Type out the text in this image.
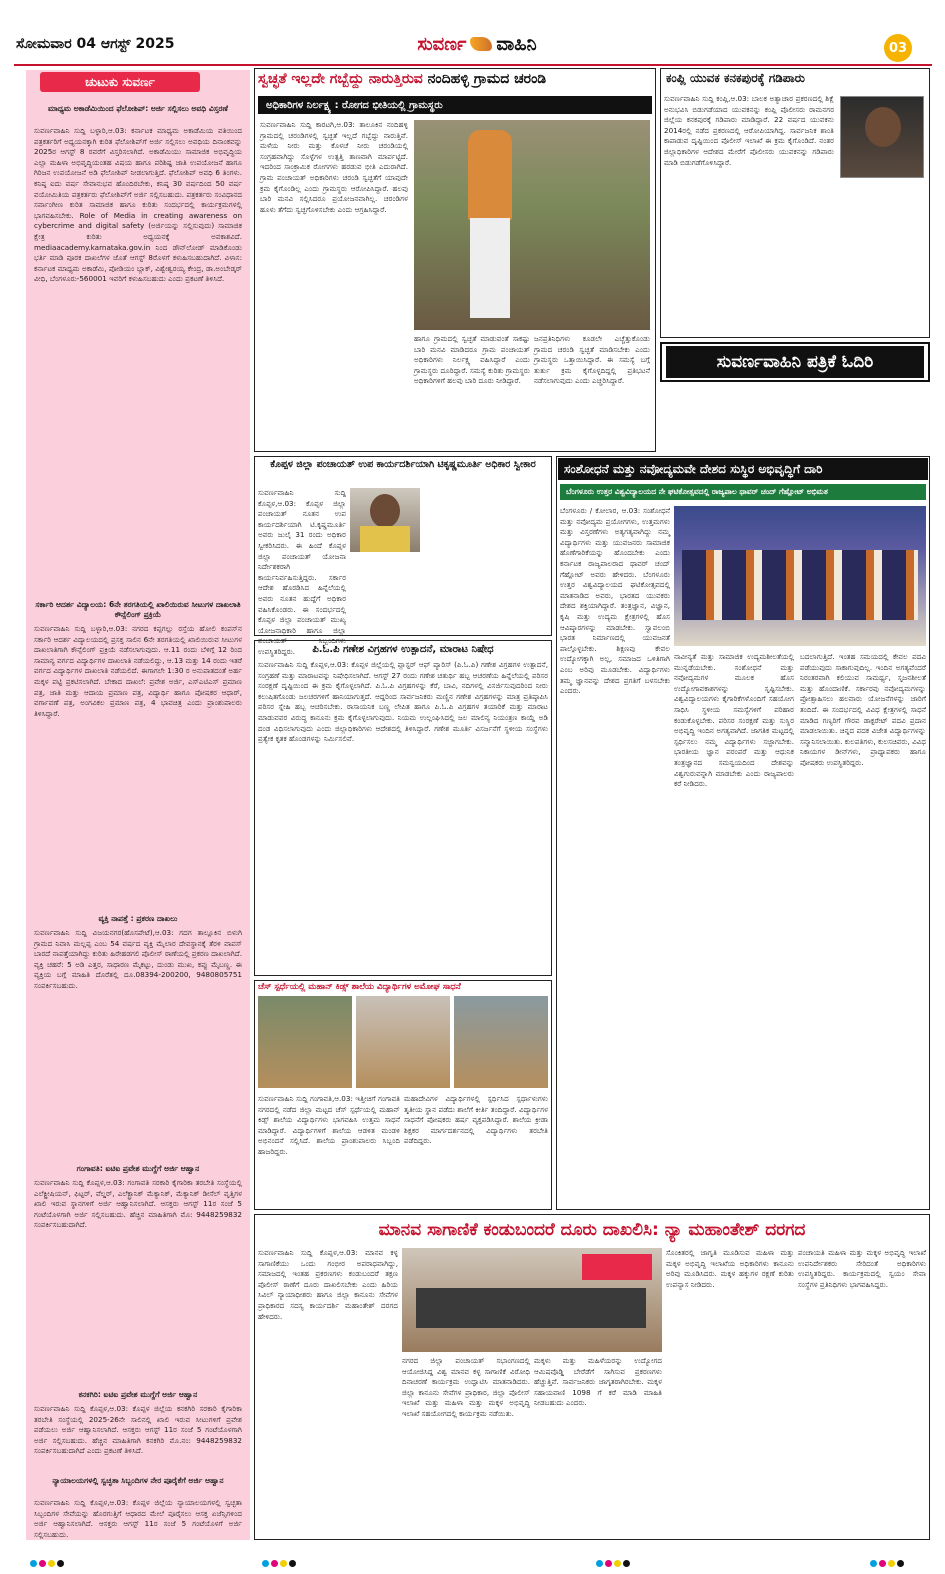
ಸೋಮವಾರ 04 ಆಗಸ್ಟ್ 2025	ಸುವರ್ಣ ವಾಹಿನಿ	03
ಚುಟುಕು ಸುವರ್ಣ
ಮಾಧ್ಯಮ ಅಕಾಡೆಮಿಯಿಂದ ಫೆಲೋಶಿಪ್: ಅರ್ಜಿ ಸಲ್ಲಿಸಲು ಅವಧಿ ವಿಸ್ತರಣೆ
ಸುವರ್ಣವಾಹಿನಿ ಸುದ್ದಿ ಬಳ್ಳಾರಿ,ಆ.03: ಕರ್ನಾಟಕ ಮಾಧ್ಯಮ ಅಕಾಡೆಮಿಯ ವತಿಯಿಂದ ಪತ್ರಕರ್ತರಿಗೆ ಅಧ್ಯಯನಕ್ಕಾಗಿ ಕುರಿತ ಫೆಲೋಶಿಪ್‌ಗೆ ಅರ್ಜಿ ಸಲ್ಲಿಸಲು ಅವಧಿಯ ದಿನಾಂಕವನ್ನು 2025ರ ಆಗಸ್ಟ್ 8 ರವರೆಗೆ ವಿಸ್ತರಿಸಲಾಗಿದೆ. ಅಕಾಡೆಮಿಯು ಸಾಮಾಜಿಕ ಅಭಿವೃದ್ಧಿಯ ಎಲ್ಲಾ ಮಹಿಳಾ ಅಭಿವೃದ್ಧಿಯಂತಹ ವಿಷಯ ಹಾಗೂ ಪರಿಶಿಷ್ಟ ಜಾತಿ ಉಪಯೋಜನೆ ಹಾಗೂ ಗಿರಿಜನ ಉಪಯೋಜನೆ ಅಡಿ ಫೆಲೋಶಿಪ್ ನೀಡಲಾಗುತ್ತಿದೆ. ಫೆಲೋಶಿಪ್ ಅವಧಿ 6 ತಿಂಗಳು. ಕನಿಷ್ಠ ಐದು ವರ್ಷ ಸೇವಾನುಭವ ಹೊಂದಿರಬೇಕು, ಕನಿಷ್ಠ 30 ವರ್ಷದಿಂದ 50 ವರ್ಷ ವಯೋಮಿತಿಯ ಪತ್ರಕರ್ತರು ಫೆಲೋಶಿಪ್‌ಗೆ ಅರ್ಜಿ ಸಲ್ಲಿಸಬಹುದು. ಪತ್ರಕರ್ತರು ಸಂವಿಧಾನದ ಸರ್ವಾಂಗೀಣ ಕುರಿತ ಸಾಮಾಜಿಕ ಹಾಗೂ ಕುರಿತು ಸಂದರ್ಭದಲ್ಲಿ ಕಾರ್ಯಕ್ರಮಗಳಲ್ಲಿ ಭಾಗವಹಿಸಬೇಕು. Role of Media in creating awareness on cybercrime and digital safety (ಅರ್ಜಿಯನ್ನು ಸಲ್ಲಿಸುವುದು) ಸಾಮಾಜಿಕ ಕ್ಷೇತ್ರ ಕುರಿತು ಅಧ್ಯಯನಕ್ಕೆ ಅವಕಾಶವಿದೆ. mediaacademy.karnataka.gov.in ನಿಂದ ಡೌನ್‌ಲೋಡ್ ಮಾಡಿಕೊಂಡು ಭರ್ತಿ ಮಾಡಿ ಪೂರಕ ದಾಖಲೆಗಳ ಜೊತೆ ಆಗಸ್ಟ್ 8ರೊಳಗೆ ಕಳುಹಿಸಬಹುದಾಗಿದೆ. ವಿಳಾಸ: ಕರ್ನಾಟಕ ಮಾಧ್ಯಮ ಅಕಾಡೆಮಿ, ಪೋಡಿಯಂ ಬ್ಲಾಕ್, ವಿಶ್ವೇಶ್ವರಯ್ಯ ಕೇಂದ್ರ, ಡಾ.ಅಂಬೇಡ್ಕರ್ ವೀಧಿ, ಬೆಂಗಳೂರು-560001 ಇವರಿಗೆ ಕಳುಹಿಸಬಹುದು ಎಂದು ಪ್ರಕಟಣೆ ತಿಳಿಸಿದೆ.
ಸರ್ಕಾರಿ ಆದರ್ಶ ವಿದ್ಯಾಲಯ: 6ನೇ ತರಗತಿಯಲ್ಲಿ ಖಾಲಿಯಿರುವ ಸೀಟುಗಳ ದಾಖಲಾತಿ ಕೌನ್ಸೆಲಿಂಗ್ ಪ್ರಕ್ರಿಯೆ
ಸುವರ್ಣವಾಹಿನಿ ಸುದ್ದಿ ಬಳ್ಳಾರಿ,ಆ.03: ನಗರದ ಕಪ್ಪಗಲ್ಲು ರಸ್ತೆಯ ಹೋಲಿ ಕಂಪಸ್‌ನ ಸರ್ಕಾರಿ ಆದರ್ಶ ವಿದ್ಯಾಲಯದಲ್ಲಿ ಪ್ರಸಕ್ತ ಸಾಲಿನ 6ನೇ ತರಗತಿಯಲ್ಲಿ ಖಾಲಿಯಿರುವ ಸೀಟುಗಳ ದಾಖಲಾತಿಗಾಗಿ ಕೌನ್ಸೆಲಿಂಗ್ ಪ್ರಕ್ರಿಯೆ ನಡೆಸಲಾಗುವುದು. ಆ.11 ರಂದು ಬೆಳಿಗ್ಗೆ 12 ರಿಂದ ಸಾಮಾನ್ಯ ವರ್ಗದ ವಿದ್ಯಾರ್ಥಿಗಳ ದಾಖಲಾತಿ ನಡೆಯಲಿದ್ದು, ಆ.13 ಮತ್ತು 14 ರಂದು ಇತರೆ ವರ್ಗದ ವಿದ್ಯಾರ್ಥಿಗಳ ದಾಖಲಾತಿ ನಡೆಯಲಿದೆ. ಈಗಾಗಲೇ 1:30 ರ ಅನುಪಾತದಂತೆ ಅರ್ಹ ಮಕ್ಕಳ ಪಟ್ಟಿ ಪ್ರಕಟಿಸಲಾಗಿದೆ. ಬೇಕಾದ ದಾಖಲೆ: ಪ್ರವೇಶ ಅರ್ಜಿ, ಎಸ್‌ಎಟಿಎಸ್ ಪ್ರಮಾಣ ಪತ್ರ, ಜಾತಿ ಮತ್ತು ಆದಾಯ ಪ್ರಮಾಣ ಪತ್ರ, ವಿದ್ಯಾರ್ಥಿ ಹಾಗೂ ಪೋಷಕರ ಆಧಾರ್, ವರ್ಗಾವಣೆ ಪತ್ರ, ಅಂಗವಿಕಲ ಪ್ರಮಾಣ ಪತ್ರ, 4 ಭಾವಚಿತ್ರ ಎಂದು ಪ್ರಾಂಶುಪಾಲರು ತಿಳಿಸಿದ್ದಾರೆ.
ವ್ಯಕ್ತಿ ನಾಪತ್ತೆ : ಪ್ರಕರಣ ದಾಖಲು
ಸುವರ್ಣವಾಹಿನಿ ಸುದ್ದಿ ವಿಜಯನಗರ(ಹೊಸಪೇಟೆ),ಆ.03: ಗದಗ ತಾಲ್ಲೂಕಿನ ಬಿಳುಗಿ ಗ್ರಾಮದ ನಿವಾಸಿ ಮಲ್ಲಪ್ಪ ಎಂಬ 54 ವರ್ಷದ ವ್ಯಕ್ತಿ ಮೈಲಾರ ದೇವಸ್ಥಾನಕ್ಕೆ ತೆರಳಿ ವಾಪಸ್ ಬಾರದೆ ನಾಪತ್ತೆಯಾಗಿದ್ದು ಕುರಿತು ಹಿರೇಹಡಗಲಿ ಪೊಲೀಸ್ ಠಾಣೆಯಲ್ಲಿ ಪ್ರಕರಣ ದಾಖಲಾಗಿದೆ. ವ್ಯಕ್ತಿ ಚಹರೆ: 5 ಅಡಿ ಎತ್ತರ, ಸಾಧಾರಣ ಮೈಕಟ್ಟು, ದುಂಡು ಮುಖ, ಕಪ್ಪು ಮೈಬಣ್ಣ. ಈ ವ್ಯಕ್ತಿಯ ಬಗ್ಗೆ ಮಾಹಿತಿ ದೊರೆತಲ್ಲಿ ದೂ.08394-200200, 9480805751 ಸಂಪರ್ಕಿಸಬಹುದು.
ಗಂಗಾವತಿ: ಐಟಿಐ ಪ್ರವೇಶ ಮುಗ್ದೆಗೆ ಅರ್ಜಿ ಆಹ್ವಾನ
ಸುವರ್ಣವಾಹಿನಿ ಸುದ್ದಿ ಕೊಪ್ಪಳ,ಆ.03: ಗಂಗಾವತಿ ಸರಕಾರಿ ಕೈಗಾರಿಕಾ ತರಬೇತಿ ಸಂಸ್ಥೆಯಲ್ಲಿ ಎಲೆಕ್ಟ್ರೀಷಿಯನ್, ಫಿಟ್ಟರ್, ವೆಲ್ಡರ್, ಎಲೆಕ್ಟ್ರಾನಿಕ್ ಮೆಕ್ಯಾನಿಕ್, ಮೆಕ್ಯಾನಿಕ್ ಡೀಸೆಲ್ ವೃತ್ತಿಗಳ ಖಾಲಿ ಇರುವ ಸ್ಥಾನಗಳಿಗೆ ಅರ್ಜಿ ಆಹ್ವಾನಿಸಲಾಗಿದೆ. ಆಸಕ್ತರು ಆಗಸ್ಟ್ 11ರ ಸಂಜೆ 5 ಗಂಟೆಯೊಳಗಾಗಿ ಅರ್ಜಿ ಸಲ್ಲಿಸಬಹುದು. ಹೆಚ್ಚಿನ ಮಾಹಿತಿಗಾಗಿ ಮೊ: 9448259832 ಸಂಪರ್ಕಿಸಬಹುದಾಗಿದೆ.
ಕನಕಗಿರಿ: ಐಟಿಐ ಪ್ರವೇಶ ಮುಗ್ದೆಗೆ ಅರ್ಜಿ ಆಹ್ವಾನ
ಸುವರ್ಣವಾಹಿನಿ ಸುದ್ದಿ ಕೊಪ್ಪಳ,ಆ.03: ಕೊಪ್ಪಳ ಜಿಲ್ಲೆಯ ಕನಕಗಿರಿ ಸರಕಾರಿ ಕೈಗಾರಿಕಾ ತರಬೇತಿ ಸಂಸ್ಥೆಯಲ್ಲಿ 2025-26ನೇ ಸಾಲಿನಲ್ಲಿ ಖಾಲಿ ಇರುವ ಸೀಟುಗಳಿಗೆ ಪ್ರವೇಶ ಪಡೆಯಲು ಅರ್ಜಿ ಆಹ್ವಾನಿಸಲಾಗಿದೆ. ಆಸಕ್ತರು ಆಗಸ್ಟ್ 11ರ ಸಂಜೆ 5 ಗಂಟೆಯೊಳಗಾಗಿ ಅರ್ಜಿ ಸಲ್ಲಿಸಬಹುದು. ಹೆಚ್ಚಿನ ಮಾಹಿತಿಗಾಗಿ ಕನಕಗಿರಿ ಮೊ.ನಂ: 9448259832 ಸಂಪರ್ಕಿಸಬಹುದಾಗಿದೆ ಎಂದು ಪ್ರಕಟಣೆ ತಿಳಿಸಿದೆ.
ನ್ಯಾಯಾಲಯಗಳಲ್ಲಿ ಸ್ವಚ್ಛತಾ ಸಿಬ್ಬಂದಿಗಳ ನೇರ ಪೂರೈಕೆಗೆ ಅರ್ಜಿ ಆಹ್ವಾನ
ಸುವರ್ಣವಾಹಿನಿ ಸುದ್ದಿ ಕೊಪ್ಪಳ,ಆ.03: ಕೊಪ್ಪಳ ಜಿಲ್ಲೆಯ ನ್ಯಾಯಾಲಯಗಳಲ್ಲಿ ಸ್ವಚ್ಛತಾ ಸಿಬ್ಬಂದಿಗಳ ಸೇವೆಯನ್ನು ಹೊರಗುತ್ತಿಗೆ ಆಧಾರದ ಮೇಲೆ ಪೂರೈಸಲು ಆಸಕ್ತ ಏಜೆನ್ಸಿಗಳಿಂದ ಅರ್ಜಿ ಆಹ್ವಾನಿಸಲಾಗಿದೆ. ಆಸಕ್ತರು ಆಗಸ್ಟ್ 11ರ ಸಂಜೆ 5 ಗಂಟೆಯೊಳಗೆ ಅರ್ಜಿ ಸಲ್ಲಿಸಬಹುದು.
ಸ್ವಚ್ಛತೆ ಇಲ್ಲದೇ ಗಬ್ಬೆದ್ದು ನಾರುತ್ತಿರುವ ನಂದಿಹಳ್ಳಿ ಗ್ರಾಮದ ಚರಂಡಿ
ಅಧಿಕಾರಿಗಳ ನಿರ್ಲಕ್ಷ್ಯ : ರೋಗದ ಭೀತಿಯಲ್ಲಿ ಗ್ರಾಮಸ್ಥರು
ಸುವರ್ಣವಾಹಿನಿ ಸುದ್ದಿ ಕಾರಟಗಿ,ಆ.03: ತಾಲೂಕಿನ ನಂದಿಹಳ್ಳಿ ಗ್ರಾಮದಲ್ಲಿ ಚರಂಡಿಗಳಲ್ಲಿ ಸ್ವಚ್ಛತೆ ಇಲ್ಲದೆ ಗಬ್ಬೆದ್ದು ನಾರುತ್ತಿವೆ. ಮಳೆಯ ನೀರು ಮತ್ತು ಕೊಳಚೆ ನೀರು ಚರಂಡಿಯಲ್ಲಿ ಸಂಗ್ರಹವಾಗಿದ್ದು ಸೊಳ್ಳೆಗಳ ಉತ್ಪತ್ತಿ ತಾಣವಾಗಿ ಮಾರ್ಪಟ್ಟಿದೆ. ಇದರಿಂದ ಸಾಂಕ್ರಾಮಿಕ ರೋಗಗಳು ಹರಡುವ ಭೀತಿ ಎದುರಾಗಿದೆ. ಗ್ರಾಮ ಪಂಚಾಯತ್ ಅಧಿಕಾರಿಗಳು ಚರಂಡಿ ಸ್ವಚ್ಛತೆಗೆ ಯಾವುದೇ ಕ್ರಮ ಕೈಗೊಂಡಿಲ್ಲ ಎಂದು ಗ್ರಾಮಸ್ಥರು ಆರೋಪಿಸಿದ್ದಾರೆ. ಹಲವು ಬಾರಿ ಮನವಿ ಸಲ್ಲಿಸಿದರೂ ಪ್ರಯೋಜನವಾಗಿಲ್ಲ. ಚರಂಡಿಗಳ ಹೂಳು ತೆಗೆದು ಸ್ವಚ್ಛಗೊಳಿಸಬೇಕು ಎಂದು ಆಗ್ರಹಿಸಿದ್ದಾರೆ.
ಹಾಗೂ ಗ್ರಾಮದಲ್ಲಿ ಸ್ವಚ್ಛತೆ ಮಾಡುವಂತೆ ಸಾಕಷ್ಟು ಬಾರಿ ಮನವಿ ಮಾಡಿದರೂ ಗ್ರಾಮ ಪಂಚಾಯತ್ ಅಧಿಕಾರಿಗಳು ನಿರ್ಲಕ್ಷ್ಯ ವಹಿಸಿದ್ದಾರೆ ಎಂದು ಗ್ರಾಮಸ್ಥರು ದೂರಿದ್ದಾರೆ. ಸಮಸ್ಯೆ ಕುರಿತು ಗ್ರಾಮಸ್ಥರು ಅಧಿಕಾರಿಗಳಿಗೆ ಹಲವು ಬಾರಿ ದೂರು ನೀಡಿದ್ದಾರೆ.
ಜನಪ್ರತಿನಿಧಿಗಳು ಕೂಡಲೇ ಎಚ್ಚೆತ್ತುಕೊಂಡು ಗ್ರಾಮದ ಚರಂಡಿ ಸ್ವಚ್ಛತೆ ಮಾಡಿಸಬೇಕು ಎಂದು ಗ್ರಾಮಸ್ಥರು ಒತ್ತಾಯಿಸಿದ್ದಾರೆ. ಈ ಸಮಸ್ಯೆ ಬಗ್ಗೆ ತುರ್ತು ಕ್ರಮ ಕೈಗೊಳ್ಳದಿದ್ದಲ್ಲಿ ಪ್ರತಿಭಟನೆ ನಡೆಸಲಾಗುವುದು ಎಂದು ಎಚ್ಚರಿಸಿದ್ದಾರೆ.
ಕಂಪ್ಲಿ ಯುವಕ ಕನಕಪುರಕ್ಕೆ ಗಡಿಪಾರು
ಸುವರ್ಣವಾಹಿನಿ ಸುದ್ದಿ ಕಂಪ್ಲಿ,ಆ.03: ಬಾಲಕ ಅತ್ಯಾಚಾರ ಪ್ರಕರಣದಲ್ಲಿ ಶಿಕ್ಷೆ ಅನುಭವಿಸಿ ಬಿಡುಗಡೆಯಾದ ಯುವಕನನ್ನು ಕಂಪ್ಲಿ ಪೊಲೀಸರು ರಾಮನಗರ ಜಿಲ್ಲೆಯ ಕನಕಪುರಕ್ಕೆ ಗಡಿಪಾರು ಮಾಡಿದ್ದಾರೆ. 22 ವರ್ಷದ ಯುವಕನು 2014ರಲ್ಲಿ ನಡೆದ ಪ್ರಕರಣದಲ್ಲಿ ಆರೋಪಿಯಾಗಿದ್ದ. ಸಾರ್ವಜನಿಕ ಶಾಂತಿ ಕಾಪಾಡುವ ದೃಷ್ಟಿಯಿಂದ ಪೊಲೀಸ್ ಇಲಾಖೆ ಈ ಕ್ರಮ ಕೈಗೊಂಡಿದೆ. ನಂತರ ಜಿಲ್ಲಾಧಿಕಾರಿಗಳ ಆದೇಶದ ಮೇರೆಗೆ ಪೊಲೀಸರು ಯುವಕನನ್ನು ಗಡಿಪಾರು ಮಾಡಿ ಬಿಡುಗಡೆಗೊಳಿಸಿದ್ದಾರೆ.
ಸುವರ್ಣವಾಹಿನಿ ಪತ್ರಿಕೆ ಓದಿರಿ
ಕೊಪ್ಪಳ ಜಿಲ್ಲಾ ಪಂಚಾಯತ್ ಉಪ ಕಾರ್ಯದರ್ಶಿಯಾಗಿ ಟಿಕೃಷ್ಣಮೂರ್ತಿ ಅಧಿಕಾರ ಸ್ವೀಕಾರ
ಸುವರ್ಣವಾಹಿನಿ ಸುದ್ದಿ ಕೊಪ್ಪಳ,ಆ.03: ಕೊಪ್ಪಳ ಜಿಲ್ಲಾ ಪಂಚಾಯತ್ ನೂತನ ಉಪ ಕಾರ್ಯದರ್ಶಿಯಾಗಿ ಟಿ.ಕೃಷ್ಣಮೂರ್ತಿ ಅವರು ಜುಲೈ 31 ರಂದು ಅಧಿಕಾರ ಸ್ವೀಕರಿಸಿದರು. ಈ ಹಿಂದೆ ಕೊಪ್ಪಳ ಜಿಲ್ಲಾ ಪಂಚಾಯತ್ ಯೋಜನಾ ನಿರ್ದೇಶಕರಾಗಿ ಕಾರ್ಯನಿರ್ವಹಿಸುತ್ತಿದ್ದರು. ಸರ್ಕಾರ ಆದೇಶ ಹೊರಡಿಸಿದ ಹಿನ್ನೆಲೆಯಲ್ಲಿ ಅವರು ನೂತನ ಹುದ್ದೆಗೆ ಅಧಿಕಾರ ವಹಿಸಿಕೊಂಡರು. ಈ ಸಂದರ್ಭದಲ್ಲಿ ಕೊಪ್ಪಳ ಜಿಲ್ಲಾ ಪಂಚಾಯತ್ ಮುಖ್ಯ ಯೋಜನಾಧಿಕಾರಿ ಹಾಗೂ ಜಿಲ್ಲಾ ಪಂಚಾಯತ್ ಸಿಬ್ಬಂದಿಗಳು ಉಪಸ್ಥಿತರಿದ್ದರು.	ಪಿ.ಓ.ಪಿ ಗಣೇಶ ವಿಗ್ರಹಗಳ ಉತ್ಪಾದನೆ, ಮಾರಾಟ ನಿಷೇಧ
ಸುವರ್ಣವಾಹಿನಿ ಸುದ್ದಿ ಕೊಪ್ಪಳ,ಆ.03: ಕೊಪ್ಪಳ ಜಿಲ್ಲೆಯಲ್ಲಿ ಪ್ಲಾಸ್ಟರ್ ಆಫ್ ಪ್ಯಾರಿಸ್ (ಪಿ.ಓ.ಪಿ) ಗಣೇಶ ವಿಗ್ರಹಗಳ ಉತ್ಪಾದನೆ, ಸಂಗ್ರಹಣೆ ಮತ್ತು ಮಾರಾಟವನ್ನು ನಿಷೇಧಿಸಲಾಗಿದೆ. ಆಗಸ್ಟ್ 27 ರಂದು ಗಣೇಶ ಚತುರ್ಥಿ ಹಬ್ಬ ಆಚರಣೆಯ ಹಿನ್ನೆಲೆಯಲ್ಲಿ ಪರಿಸರ ಸಂರಕ್ಷಣೆ ದೃಷ್ಟಿಯಿಂದ ಈ ಕ್ರಮ ಕೈಗೊಳ್ಳಲಾಗಿದೆ. ಪಿ.ಓ.ಪಿ ವಿಗ್ರಹಗಳನ್ನು ಕೆರೆ, ಬಾವಿ, ನದಿಗಳಲ್ಲಿ ವಿಸರ್ಜಿಸುವುದರಿಂದ ನೀರು ಕಲುಷಿತಗೊಂಡು ಜಲಚರಗಳಿಗೆ ಹಾನಿಯಾಗುತ್ತದೆ. ಆದ್ದರಿಂದ ಸಾರ್ವಜನಿಕರು ಮಣ್ಣಿನ ಗಣೇಶ ವಿಗ್ರಹಗಳನ್ನು ಮಾತ್ರ ಪ್ರತಿಷ್ಠಾಪಿಸಿ ಪರಿಸರ ಸ್ನೇಹಿ ಹಬ್ಬ ಆಚರಿಸಬೇಕು. ರಾಸಾಯನಿಕ ಬಣ್ಣ ಲೇಪಿತ ಹಾಗೂ ಪಿ.ಓ.ಪಿ ವಿಗ್ರಹಗಳ ತಯಾರಿಕೆ ಮತ್ತು ಮಾರಾಟ ಮಾಡುವವರ ವಿರುದ್ಧ ಕಾನೂನು ಕ್ರಮ ಕೈಗೊಳ್ಳಲಾಗುವುದು. ನಿಯಮ ಉಲ್ಲಂಘಿಸಿದಲ್ಲಿ ಜಲ ಮಾಲಿನ್ಯ ನಿಯಂತ್ರಣ ಕಾಯ್ದೆ ಅಡಿ ದಂಡ ವಿಧಿಸಲಾಗುವುದು ಎಂದು ಜಿಲ್ಲಾಧಿಕಾರಿಗಳು ಆದೇಶದಲ್ಲಿ ತಿಳಿಸಿದ್ದಾರೆ. ಗಣೇಶ ಮೂರ್ತಿ ವಿಸರ್ಜನೆಗೆ ಸ್ಥಳೀಯ ಸಂಸ್ಥೆಗಳು ಪ್ರತ್ಯೇಕ ಕೃತಕ ಹೊಂಡಗಳನ್ನು ನಿರ್ಮಿಸಲಿವೆ.
ಚೆಸ್ ಸ್ಪರ್ಧೆಯಲ್ಲಿ ಮಹಾನ್ ಕಿಡ್ಸ್ ಶಾಲೆಯ ವಿದ್ಯಾರ್ಥಿಗಳ ಅಮೋಘ ಸಾಧನೆ
ಸುವರ್ಣವಾಹಿನಿ ಸುದ್ದಿ ಗಂಗಾವತಿ,ಆ.03: ಇತ್ತೀಚಿಗೆ ಗಂಗಾವತಿ ನಗರದಲ್ಲಿ ನಡೆದ ಜಿಲ್ಲಾ ಮಟ್ಟದ ಚೆಸ್ ಸ್ಪರ್ಧೆಯಲ್ಲಿ ಮಹಾನ್ ಕಿಡ್ಸ್ ಶಾಲೆಯ ವಿದ್ಯಾರ್ಥಿಗಳು ಭಾಗವಹಿಸಿ ಉತ್ತಮ ಸಾಧನೆ ಮಾಡಿದ್ದಾರೆ. ವಿದ್ಯಾರ್ಥಿಗಳಿಗೆ ಶಾಲೆಯ ಆಡಳಿತ ಮಂಡಳಿ ಅಭಿನಂದನೆ ಸಲ್ಲಿಸಿದೆ. ಶಾಲೆಯ ಪ್ರಾಂಶುಪಾಲರು ಸಿಬ್ಬಂದಿ ಹಾಜರಿದ್ದರು.
ಮಹಾದೇವಿಗಳ ವಿದ್ಯಾರ್ಥಿಗಳಲ್ಲಿ ಸ್ಪರ್ಧಿಸಿದ ಸ್ಪರ್ಧಾಳುಗಳು ತೃತೀಯ ಸ್ಥಾನ ಪಡೆದು ಶಾಲೆಗೆ ಕೀರ್ತಿ ತಂದಿದ್ದಾರೆ. ವಿದ್ಯಾರ್ಥಿಗಳ ಸಾಧನೆಗೆ ಪೋಷಕರು ಹರ್ಷ ವ್ಯಕ್ತಪಡಿಸಿದ್ದಾರೆ. ಶಾಲೆಯ ಕ್ರೀಡಾ ಶಿಕ್ಷಕರ ಮಾರ್ಗದರ್ಶನದಲ್ಲಿ ವಿದ್ಯಾರ್ಥಿಗಳು ತರಬೇತಿ ಪಡೆದಿದ್ದರು.
ಸಂಶೋಧನೆ ಮತ್ತು ನವೋದ್ಯಮವೇ ದೇಶದ ಸುಸ್ಥಿರ ಅಭಿವೃದ್ಧಿಗೆ ದಾರಿ
ಬೆಂಗಳೂರು ಉತ್ತರ ವಿಶ್ವವಿದ್ಯಾಲಯದ ನೇ ಘಟಿಕೋತ್ಸವದಲ್ಲಿ ರಾಜ್ಯಪಾಲ ಥಾವರ್ ಚಂದ್ ಗೆಹ್ಲೋಟ್ ಅಭಿಮತ
ಬೆಂಗಳೂರು / ಕೋಲಾರ, ಆ.03: ಸಂಶೋಧನೆ ಮತ್ತು ನವೋದ್ಯಮ ಪ್ರಯೋಗಗಳು, ಉತ್ತಮಗಳು ಮತ್ತು ವಿಸ್ತರಣೆಗಳು ಅತ್ಯಗತ್ಯವಾಗಿದ್ದು ನಮ್ಮ ವಿದ್ಯಾರ್ಥಿಗಳು ಮತ್ತು ಯುವಜನರು ಸಾಮಾಜಿಕ ಹೊಣೆಗಾರಿಕೆಯನ್ನು ಹೊಂದಬೇಕು ಎಂದು ಕರ್ನಾಟಕ ರಾಜ್ಯಪಾಲರಾದ ಥಾವರ್ ಚಂದ್ ಗೆಹ್ಲೋಟ್ ಅವರು ಹೇಳಿದರು. ಬೆಂಗಳೂರು ಉತ್ತರ ವಿಶ್ವವಿದ್ಯಾಲಯದ ಘಟಿಕೋತ್ಸವದಲ್ಲಿ ಮಾತನಾಡಿದ ಅವರು, ಭಾರತದ ಯುವಕರು ದೇಶದ ಶಕ್ತಿಯಾಗಿದ್ದಾರೆ. ತಂತ್ರಜ್ಞಾನ, ವಿಜ್ಞಾನ, ಕೃಷಿ ಮತ್ತು ಉದ್ಯಮ ಕ್ಷೇತ್ರಗಳಲ್ಲಿ ಹೊಸ ಆವಿಷ್ಕಾರಗಳನ್ನು ಮಾಡಬೇಕು. ಸ್ವಾವಲಂಬಿ ಭಾರತ ನಿರ್ಮಾಣದಲ್ಲಿ ಯುವಜನತೆ ಪಾಲ್ಗೊಳ್ಳಬೇಕು. ಶಿಕ್ಷಣವು ಕೇವಲ ಉದ್ಯೋಗಕ್ಕಾಗಿ ಅಲ್ಲ, ಸಮಾಜದ ಒಳಿತಿಗಾಗಿ ಎಂಬ ಅರಿವು ಮೂಡಬೇಕು. ವಿದ್ಯಾರ್ಥಿಗಳು ತಮ್ಮ ಜ್ಞಾನವನ್ನು ದೇಶದ ಪ್ರಗತಿಗೆ ಬಳಸಬೇಕು ಎಂದರು.
ನಾವೀನ್ಯತೆ ಮತ್ತು ಸಾಮಾಜಿಕ ಉದ್ಯಮಶೀಲತೆಯಲ್ಲಿ ಮುನ್ನಡೆಯಬೇಕು. ಸಂಶೋಧನೆ ಮತ್ತು ನವೋದ್ಯಮಗಳ ಮೂಲಕ ಹೊಸ ಉದ್ಯೋಗಾವಕಾಶಗಳನ್ನು ಸೃಷ್ಟಿಸಬೇಕು. ವಿಶ್ವವಿದ್ಯಾಲಯಗಳು ಕೈಗಾರಿಕೆಗಳೊಂದಿಗೆ ಸಹಯೋಗ ಸಾಧಿಸಿ ಸ್ಥಳೀಯ ಸಮಸ್ಯೆಗಳಿಗೆ ಪರಿಹಾರ ಕಂಡುಕೊಳ್ಳಬೇಕು. ಪರಿಸರ ಸಂರಕ್ಷಣೆ ಮತ್ತು ಸುಸ್ಥಿರ ಅಭಿವೃದ್ಧಿ ಇಂದಿನ ಅಗತ್ಯವಾಗಿದೆ. ಜಾಗತಿಕ ಮಟ್ಟದಲ್ಲಿ ಸ್ಪರ್ಧಿಸಲು ನಮ್ಮ ವಿದ್ಯಾರ್ಥಿಗಳು ಸಜ್ಜಾಗಬೇಕು. ಭಾರತೀಯ ಜ್ಞಾನ ಪರಂಪರೆ ಮತ್ತು ಆಧುನಿಕ ತಂತ್ರಜ್ಞಾನದ ಸಮನ್ವಯದಿಂದ ದೇಶವನ್ನು ವಿಶ್ವಗುರುವನ್ನಾಗಿ ಮಾಡಬೇಕು ಎಂದು ರಾಜ್ಯಪಾಲರು ಕರೆ ನೀಡಿದರು.
ಬದಲಾಗುತ್ತಿದೆ. ಇಂತಹ ಸಮಯದಲ್ಲಿ ಕೇವಲ ಪದವಿ ಪಡೆಯುವುದು ಸಾಕಾಗುವುದಿಲ್ಲ. ಇಂದಿನ ಅಗತ್ಯವೆಂದರೆ ನಿರಂತರವಾಗಿ ಕಲಿಯುವ ಸಾಮರ್ಥ್ಯ, ಸೃಜನಶೀಲತೆ ಮತ್ತು ಹೊಂದಾಣಿಕೆ. ಸರ್ಕಾರವು ನವೋದ್ಯಮಗಳನ್ನು ಪ್ರೋತ್ಸಾಹಿಸಲು ಹಲವಾರು ಯೋಜನೆಗಳನ್ನು ಜಾರಿಗೆ ತಂದಿದೆ. ಈ ಸಂದರ್ಭದಲ್ಲಿ ವಿವಿಧ ಕ್ಷೇತ್ರಗಳಲ್ಲಿ ಸಾಧನೆ ಮಾಡಿದ ಗಣ್ಯರಿಗೆ ಗೌರವ ಡಾಕ್ಟರೇಟ್ ಪದವಿ ಪ್ರದಾನ ಮಾಡಲಾಯಿತು. ಚಿನ್ನದ ಪದಕ ವಿಜೇತ ವಿದ್ಯಾರ್ಥಿಗಳನ್ನು ಸನ್ಮಾನಿಸಲಾಯಿತು. ಕುಲಪತಿಗಳು, ಕುಲಸಚಿವರು, ವಿವಿಧ ನಿಕಾಯಗಳ ಡೀನ್‌ಗಳು, ಪ್ರಾಧ್ಯಾಪಕರು ಹಾಗೂ ಪೋಷಕರು ಉಪಸ್ಥಿತರಿದ್ದರು.
ಮಾನವ ಸಾಗಾಣಿಕೆ ಕಂಡುಬಂದರೆ ದೂರು ದಾಖಲಿಸಿ: ನ್ಯಾ ಮಹಾಂತೇಶ್ ದರಗದ
ಸುವರ್ಣವಾಹಿನಿ ಸುದ್ದಿ ಕೊಪ್ಪಳ,ಆ.03: ಮಾನವ ಕಳ್ಳ ಸಾಗಾಣಿಕೆಯು ಒಂದು ಗಂಭೀರ ಅಪರಾಧವಾಗಿದ್ದು, ಸಮಾಜದಲ್ಲಿ ಇಂತಹ ಪ್ರಕರಣಗಳು ಕಂಡುಬಂದರೆ ತಕ್ಷಣ ಪೊಲೀಸ್ ಠಾಣೆಗೆ ದೂರು ದಾಖಲಿಸಬೇಕು ಎಂದು ಹಿರಿಯ ಸಿವಿಲ್ ನ್ಯಾಯಾಧೀಶರು ಹಾಗೂ ಜಿಲ್ಲಾ ಕಾನೂನು ಸೇವೆಗಳ ಪ್ರಾಧಿಕಾರದ ಸದಸ್ಯ ಕಾರ್ಯದರ್ಶಿ ಮಹಾಂತೇಶ್ ದರಗದ ಹೇಳಿದರು.
ನಗರದ ಜಿಲ್ಲಾ ಪಂಚಾಯತ್ ಸಭಾಂಗಣದಲ್ಲಿ ಆಯೋಜಿಸಿದ್ದ ವಿಶ್ವ ಮಾನವ ಕಳ್ಳ ಸಾಗಾಣಿಕೆ ವಿರೋಧಿ ದಿನಾಚರಣೆ ಕಾರ್ಯಕ್ರಮ ಉದ್ಘಾಟಿಸಿ ಮಾತನಾಡಿದರು. ಜಿಲ್ಲಾ ಕಾನೂನು ಸೇವೆಗಳ ಪ್ರಾಧಿಕಾರ, ಜಿಲ್ಲಾ ಪೊಲೀಸ್ ಇಲಾಖೆ ಮತ್ತು ಮಹಿಳಾ ಮತ್ತು ಮಕ್ಕಳ ಅಭಿವೃದ್ಧಿ ಇಲಾಖೆ ಸಹಯೋಗದಲ್ಲಿ ಕಾರ್ಯಕ್ರಮ ನಡೆಯಿತು.
ಮಕ್ಕಳು ಮತ್ತು ಮಹಿಳೆಯರನ್ನು ಉದ್ಯೋಗದ ಆಮಿಷವೊಡ್ಡಿ ಬೇರೆಡೆಗೆ ಸಾಗಿಸುವ ಪ್ರಕರಣಗಳು ಹೆಚ್ಚುತ್ತಿವೆ. ಸಾರ್ವಜನಿಕರು ಜಾಗೃತರಾಗಿರಬೇಕು. ಮಕ್ಕಳ ಸಹಾಯವಾಣಿ 1098 ಗೆ ಕರೆ ಮಾಡಿ ಮಾಹಿತಿ ನೀಡಬಹುದು ಎಂದರು.
ಸೊಂಕಿತರಲ್ಲಿ ಜಾಗೃತಿ ಮೂಡಿಸುವ ಮಹಿಳಾ ಮತ್ತು ಮಕ್ಕಳ ಅಭಿವೃದ್ಧಿ ಇಲಾಖೆಯ ಅಧಿಕಾರಿಗಳು ಕಾನೂನು ಅರಿವು ಮೂಡಿಸಿದರು. ಮಕ್ಕಳ ಹಕ್ಕುಗಳ ರಕ್ಷಣೆ ಕುರಿತು ಉಪನ್ಯಾಸ ನೀಡಿದರು.
ಪಂಚಾಯತಿ ಮಹಿಳಾ ಮತ್ತು ಮಕ್ಕಳ ಅಭಿವೃದ್ಧಿ ಇಲಾಖೆ ಉಪನಿರ್ದೇಶಕರು ಸೇರಿದಂತೆ ಅಧಿಕಾರಿಗಳು ಉಪಸ್ಥಿತರಿದ್ದರು. ಕಾರ್ಯಕ್ರಮದಲ್ಲಿ ಸ್ವಯಂ ಸೇವಾ ಸಂಸ್ಥೆಗಳ ಪ್ರತಿನಿಧಿಗಳು ಭಾಗವಹಿಸಿದ್ದರು.
